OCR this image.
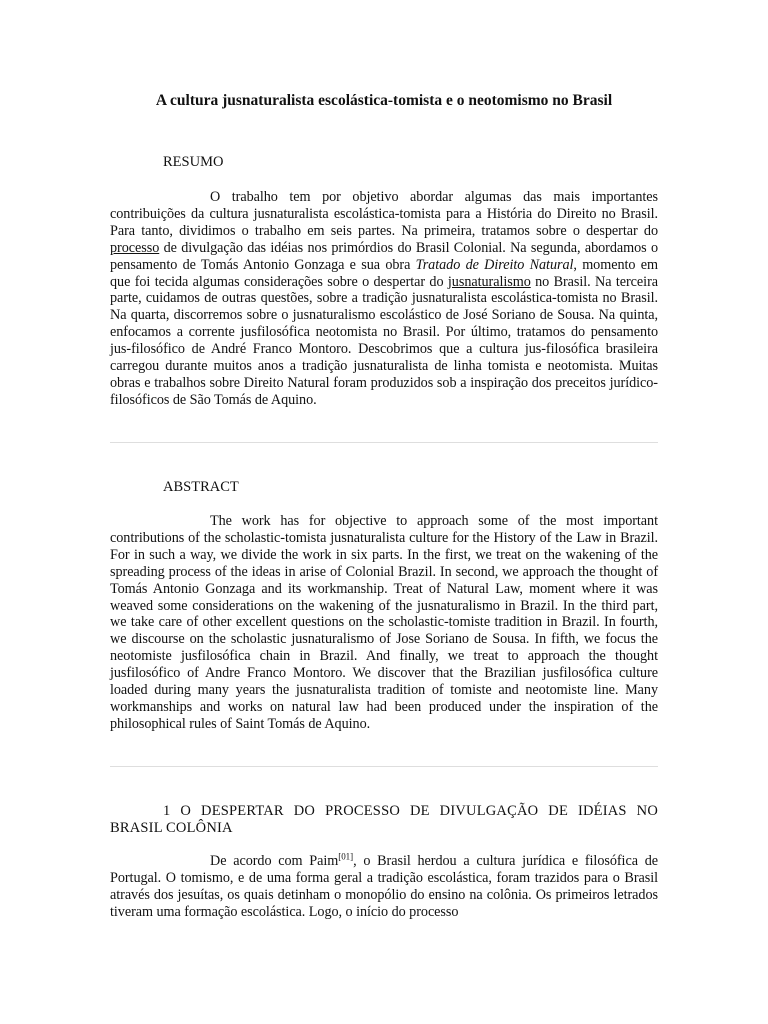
A cultura jusnaturalista escolástica-tomista e o neotomismo no Brasil
RESUMO
O trabalho tem por objetivo abordar algumas das mais importantes contribuições da cultura jusnaturalista escolástica-tomista para a História do Direito no Brasil. Para tanto, dividimos o trabalho em seis partes. Na primeira, tratamos sobre o despertar do processo de divulgação das idéias nos primórdios do Brasil Colonial. Na segunda, abordamos o pensamento de Tomás Antonio Gonzaga e sua obra Tratado de Direito Natural, momento em que foi tecida algumas considerações sobre o despertar do jusnaturalismo no Brasil. Na terceira parte, cuidamos de outras questões, sobre a tradição jusnaturalista escolástica-tomista no Brasil. Na quarta, discorremos sobre o jusnaturalismo escolástico de José Soriano de Sousa. Na quinta, enfocamos a corrente jusfilosófica neotomista no Brasil. Por último, tratamos do pensamento jus-filosófico de André Franco Montoro. Descobrimos que a cultura jus-filosófica brasileira carregou durante muitos anos a tradição jusnaturalista de linha tomista e neotomista. Muitas obras e trabalhos sobre Direito Natural foram produzidos sob a inspiração dos preceitos jurídico-filosóficos de São Tomás de Aquino.
ABSTRACT
The work has for objective to approach some of the most important contributions of the scholastic-tomista jusnaturalista culture for the History of the Law in Brazil. For in such a way, we divide the work in six parts. In the first, we treat on the wakening of the spreading process of the ideas in arise of Colonial Brazil. In second, we approach the thought of Tomás Antonio Gonzaga and its workmanship. Treat of Natural Law, moment where it was weaved some considerations on the wakening of the jusnaturalismo in Brazil. In the third part, we take care of other excellent questions on the scholastic-tomiste tradition in Brazil. In fourth, we discourse on the scholastic jusnaturalismo of Jose Soriano de Sousa. In fifth, we focus the neotomiste jusfilosófica chain in Brazil. And finally, we treat to approach the thought jusfilosófico of Andre Franco Montoro. We discover that the Brazilian jusfilosófica culture loaded during many years the jusnaturalista tradition of tomiste and neotomiste line. Many workmanships and works on natural law had been produced under the inspiration of the philosophical rules of Saint Tomás de Aquino.
1 O DESPERTAR DO PROCESSO DE DIVULGAÇÃO DE IDÉIAS NO BRASIL COLÔNIA
De acordo com Paim[01], o Brasil herdou a cultura jurídica e filosófica de Portugal. O tomismo, e de uma forma geral a tradição escolástica, foram trazidos para o Brasil através dos jesuítas, os quais detinham o monopólio do ensino na colônia. Os primeiros letrados tiveram uma formação escolástica. Logo, o início do processo
